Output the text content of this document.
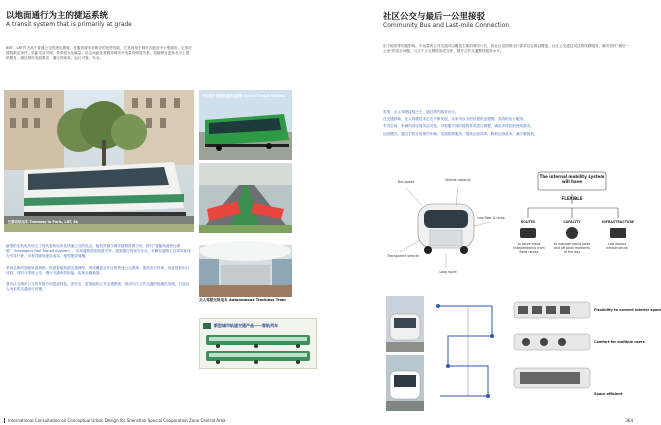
以地面通行为主的捷运系统
A transit system that is primarily at grade

BRT、LRT作为高于普通公交的捷运系统，在服务城市有相应的优势性能，尤其适用于城市次级及中小型城市。它适应道路限定条件，站距灵活可调，带来较大运输量；站点间距及其服务城市开发量有明显关系，将能够在更高水平上提供服务，满足城市发展要求，通行效率高，运行可靠、安全。

巴黎有轨电车 Tramway in Paris, LRT, 8k
沙尔迪日智能轨道快运系统 Smart Transit System
无人驾驶无轨电车 Autonomous Trackless Tram

新型的无轨电车结合了现代有轨电车及快速公交的优点，能有效减少城市道路资源占用，推行“智能轨道快运系统”（Intelligent Rail Transit System），实现道路虚拟轨道引导，提高通行效率与安全。车辆在道路上以导向标线为引导行驶，可有效降低建设成本，缩短建设周期。

采用全新的智能轨道系统，搭建智能轨道交通网络，形成覆盖全片区的快速公交系统，提高出行效率，优化居民出行体验。同时与常规公交、慢行交通有效衔接，实现无缝换乘。

我们认为城市公交的发展方向是更绿色、更安全、更智能的公共交通系统，推动片区公共交通的低碳化发展，打造以人为本的交通出行环境。

新型城市轨道交通产品——智轨列车
社区公交与最后一公里接驳
Community Bus and Last-mile Connection

由于地形等因素影响，中运量的公共交通可以覆盖主要的城市片区，但社区层面的出行需求往往难以覆盖。社区公交通过灵活的线路服务，解决居民“最后一公里”的出行问题，与主干公交网络形成互补，提升公共交通整体服务水平。

类型：无人驾驶接驳巴士，通过预约服务出行。

在交通领域，无人驾驶技术正在不断发展，未来可以为居民提供更便捷、高效的出行服务。

车内空间：车辆内部空间灵活可变，可根据不同时段的需求进行调整，满足多样化的使用需求。

运营模式：通过手机应用预约车辆，实现按需服务，提高运营效率，降低运营成本，减少碳排放。

Bus speed	Vehicle capacity
Low floor & ramp
Transparent vehicle
Loop route
The internal mobility system will have
FLEXIBLE
ROUTES	CAPACITY	INFRASTRUCTURE
to serve areas independently from fixed routes
to manage easily peak and off peak moments of the day
Low impact infrastructure
Flexibility to convert interior space
Comfort for multiple users
Space efficient
International Consultation on Conceptual Urban Design for Shenshan Special Cooperation Zone Central Area	364
